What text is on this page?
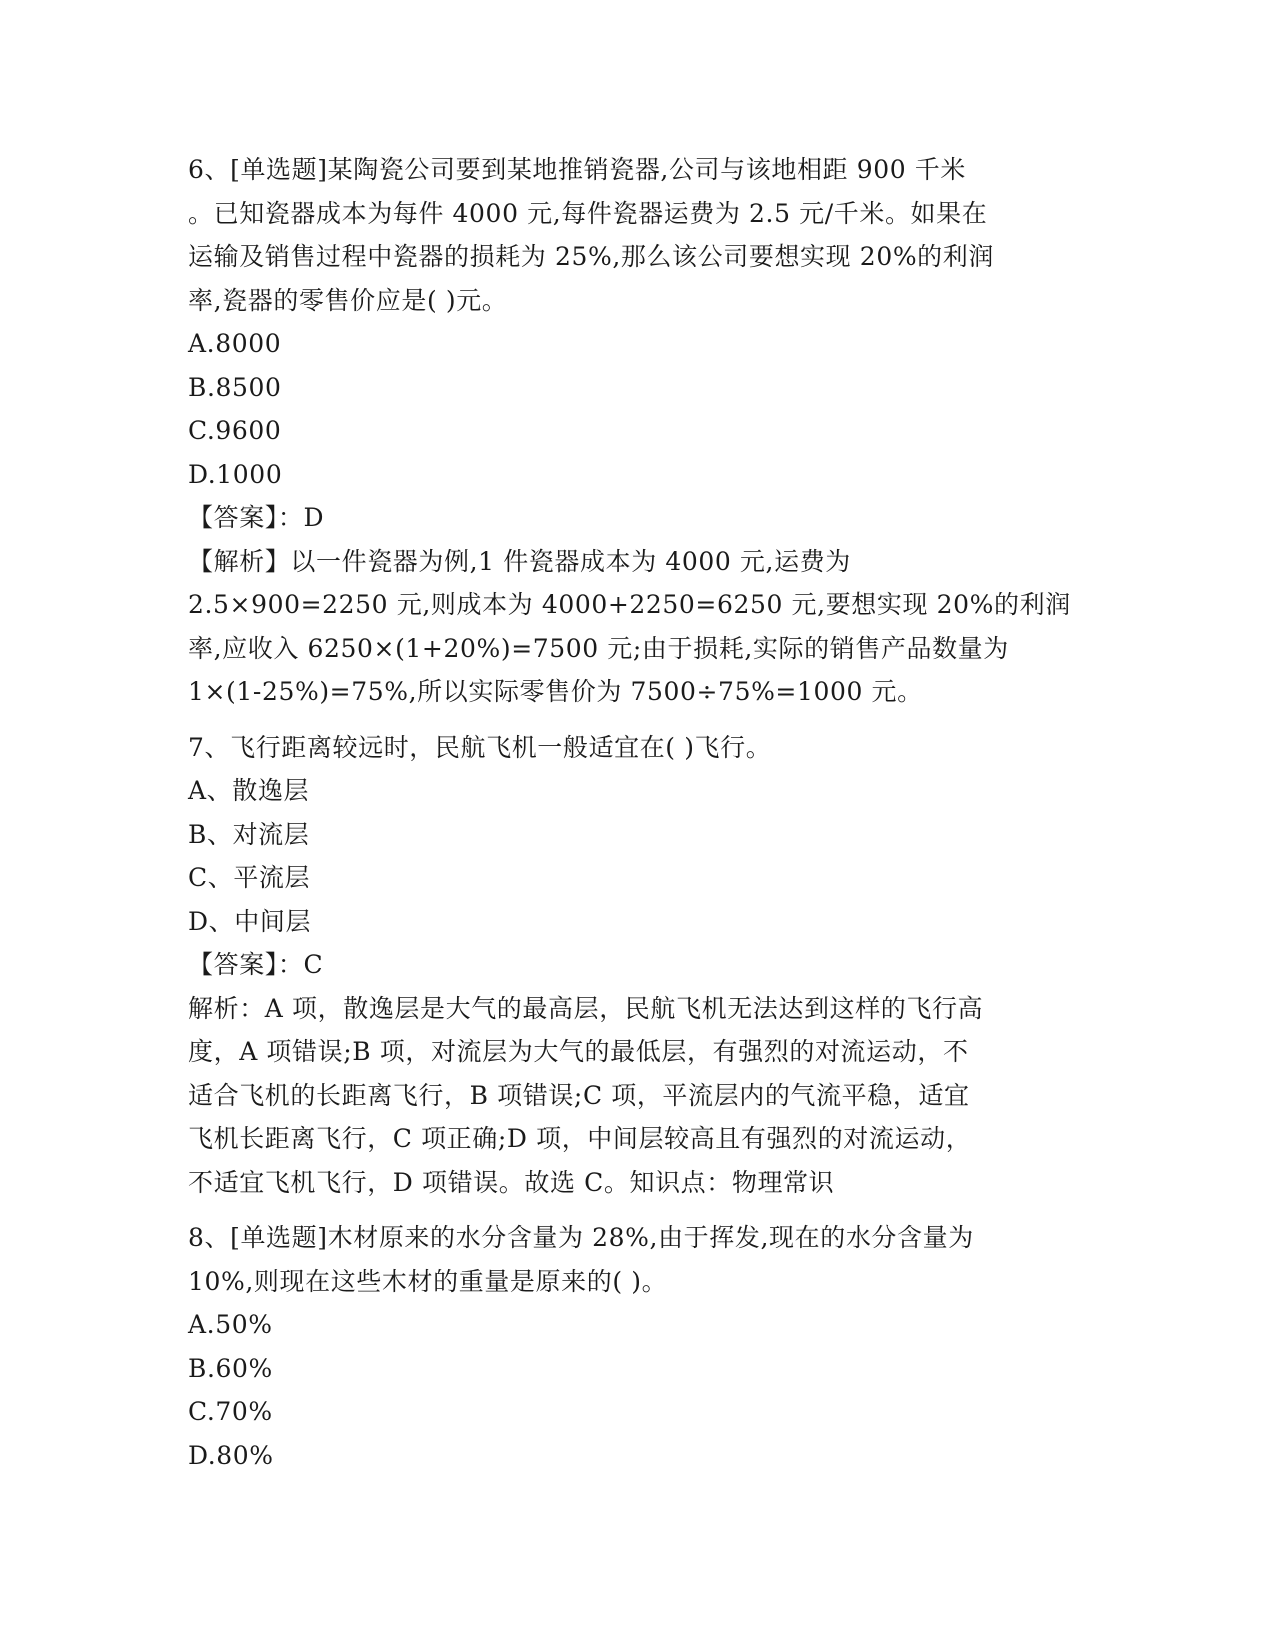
6、[单选题]某陶瓷公司要到某地推销瓷器,公司与该地相距 900 千米
。已知瓷器成本为每件 4000 元,每件瓷器运费为 2.5 元/千米。如果在
运输及销售过程中瓷器的损耗为 25%,那么该公司要想实现 20%的利润
率,瓷器的零售价应是( )元。
A.8000
B.8500
C.9600
D.1000
【答案】：D
【解析】以一件瓷器为例,1 件瓷器成本为 4000 元,运费为
2.5×900=2250 元,则成本为 4000+2250=6250 元,要想实现 20%的利润
率,应收入 6250×(1+20%)=7500 元;由于损耗,实际的销售产品数量为
1×(1-25%)=75%,所以实际零售价为 7500÷75%=1000 元。
7、飞行距离较远时，民航飞机一般适宜在( )飞行。
A、散逸层
B、对流层
C、平流层
D、中间层
【答案】：C
解析：A 项，散逸层是大气的最高层，民航飞机无法达到这样的飞行高
度，A 项错误;B 项，对流层为大气的最低层，有强烈的对流运动，不
适合飞机的长距离飞行，B 项错误;C 项，平流层内的气流平稳，适宜
飞机长距离飞行，C 项正确;D 项，中间层较高且有强烈的对流运动，
不适宜飞机飞行，D 项错误。故选 C。知识点：物理常识
8、[单选题]木材原来的水分含量为 28%,由于挥发,现在的水分含量为
10%,则现在这些木材的重量是原来的( )。
A.50%
B.60%
C.70%
D.80%
